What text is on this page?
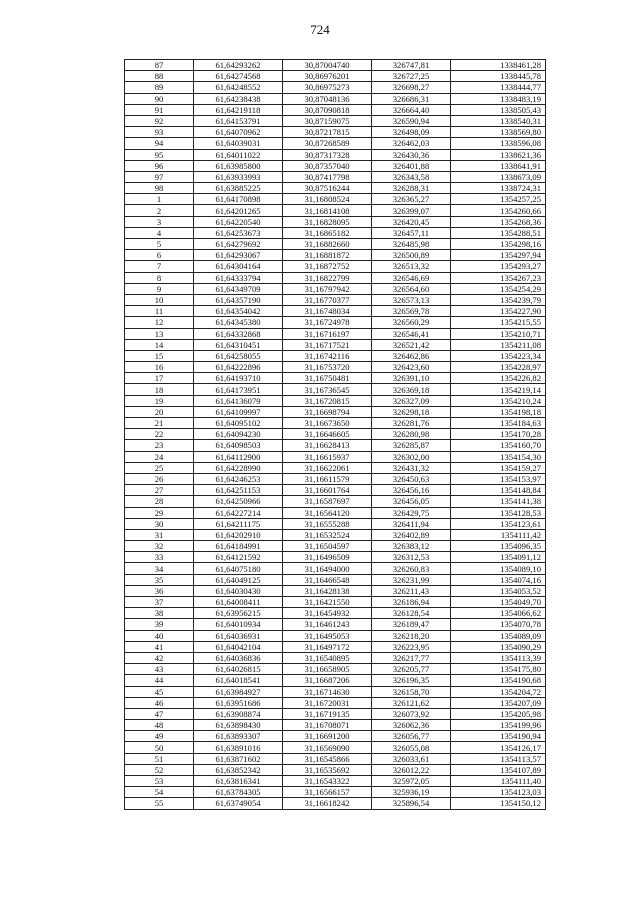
724
87	61,64293262	30,87004740	326747,81	1338461,28
88	61,64274568	30,86976201	326727,25	1338445,78
89	61,64248552	30,86975273	326698,27	1338444,77
90	61,64238438	30,87048136	326686,31	1338483,19
91	61,64219118	30,87090818	326664,40	1338505,43
92	61,64153791	30,87159075	326590,94	1338540,31
93	61,64070962	30,87217815	326498,09	1338569,80
94	61,64039031	30,87268589	326462,03	1338596,08
95	61,64011022	30,87317328	326430,36	1338621,36
96	61,63985800	30,87357040	326401,88	1338641,91
97	61,63933993	30,87417798	326343,58	1338673,09
98	61,63885225	30,87516244	326288,31	1338724,31
1	61,64170898	31,16808524	326365,27	1354257,25
2	61,64201265	31,16814108	326399,07	1354260,66
3	61,64220540	31,16828095	326420,45	1354268,36
4	61,64253673	31,16865182	326457,11	1354288,51
5	61,64279692	31,16882660	326485,98	1354298,16
6	61,64293067	31,16881872	326500,89	1354297,94
7	61,64304164	31,16872752	326513,32	1354293,27
8	61,64333794	31,16822799	326546,69	1354267,23
9	61,64349709	31,16797942	326564,60	1354254,29
10	61,64357190	31,16770377	326573,13	1354239,79
11	61,64354042	31,16748034	326569,78	1354227,90
12	61,64345380	31,16724978	326560,29	1354215,55
13	61,64332868	31,16716197	326546,41	1354210,71
14	61,64310451	31,16717521	326521,42	1354211,08
15	61,64258055	31,16742116	326462,86	1354223,34
16	61,64222896	31,16753720	326423,60	1354228,97
17	61,64193710	31,16750481	326391,10	1354226,82
18	61,64173951	31,16736545	326369,18	1354219,14
19	61,64136079	31,16720815	326327,09	1354210,24
20	61,64109997	31,16698794	326298,18	1354198,18
21	61,64095102	31,16673650	326281,76	1354184,63
22	61,64094230	31,16646605	326280,98	1354170,28
23	61,64098503	31,16628413	326285,87	1354160,70
24	61,64112900	31,16615937	326302,00	1354154,30
25	61,64228990	31,16622061	326431,32	1354159,27
26	61,64246253	31,16611579	326450,63	1354153,97
27	61,64251153	31,16601764	326456,16	1354148,84
28	61,64250966	31,16587697	326456,05	1354141,38
29	61,64227214	31,16564120	326429,75	1354128,53
30	61,64211175	31,16555288	326411,94	1354123,61
31	61,64202910	31,16532524	326402,89	1354111,42
32	61,64184991	31,16504597	326383,12	1354096,35
33	61,64121592	31,16496509	326312,53	1354091,12
34	61,64075180	31,16494000	326260,83	1354089,10
35	61,64049125	31,16466548	326231,99	1354074,16
36	61,64030430	31,16428138	326211,43	1354053,52
37	61,64008411	31,16421550	326186,94	1354049,70
38	61,63956215	31,16454932	326128,54	1354066,62
39	61,64010934	31,16461243	326189,47	1354070,78
40	61,64036931	31,16495053	326218,20	1354089,09
41	61,64042104	31,16497172	326223,95	1354090,29
42	61,64036836	31,16540895	326217,77	1354113,39
43	61,64026815	31,16658905	326205,77	1354175,80
44	61,64018541	31,16687206	326196,35	1354190,68
45	61,63984927	31,16714630	326158,70	1354204,72
46	61,63951686	31,16720031	326121,62	1354207,09
47	61,63908874	31,16719135	326073,92	1354205,98
48	61,63898430	31,16708071	326062,36	1354199,96
49	61,63893307	31,16691200	326056,77	1354190,94
50	61,63891016	31,16569090	326055,08	1354126,17
51	61,63871602	31,16545866	326033,61	1354113,57
52	61,63852342	31,16535692	326012,22	1354107,89
53	61,63816341	31,16543322	325972,05	1354111,40
54	61,63784305	31,16566157	325936,19	1354123,03
55	61,63749054	31,16618242	325896,54	1354150,12
